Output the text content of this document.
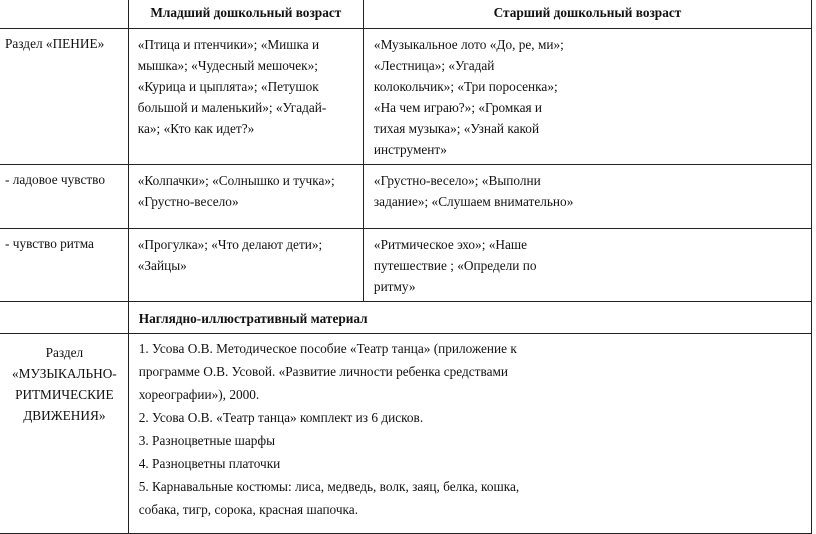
	Младший дошкольный возраст	Старший дошкольный возраст
Раздел «ПЕНИЕ»	«Птица и птенчики»; «Мишка и мышка»; «Чудесный мешочек»; «Курица и цыплята»; «Петушок большой и маленький»; «Угадай-ка»; «Кто как идет?»	«Музыкальное лото «До, ре, ми»; «Лестница»; «Угадай колокольчик»; «Три поросенка»; «На чем играю?»; «Громкая и тихая музыка»; «Узнай какой инструмент»

- ладовое чувство	«Колпачки»; «Солнышко и тучка»; «Грустно-весело»	«Грустно-весело»; «Выполни задание»; «Слушаем внимательно»

- чувство ритма	«Прогулка»; «Что делают дети»; «Зайцы»	«Ритмическое эхо»; «Наше путешествие ; «Определи по ритму»

	Наглядно-иллюстративный материал	
Раздел «МУЗЫКАЛЬНО-РИТМИЧЕСКИЕ ДВИЖЕНИЯ»	1. Усова О.В. Методическое пособие «Театр танца» (приложение к программе О.В. Усовой. «Развитие личности ребенка средствами хореографии»), 2000.

2. Усова О.В. «Театр танца» комплект из 6 дисков.

3. Разноцветные шарфы

4. Разноцветны платочки

5. Карнавальные костюмы: лиса, медведь, волк, заяц, белка, кошка, собака, тигр, сорока, красная шапочка.	
